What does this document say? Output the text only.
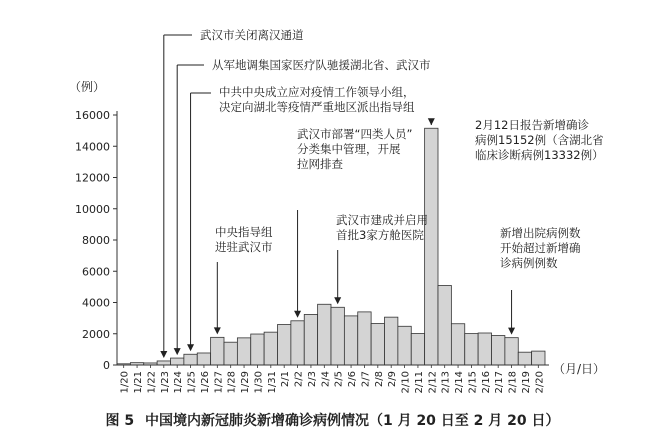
0
2000
4000
6000
8000
10000
12000
14000
16000
（例）
1/20 1/21 1/22 1/23 1/24 1/25 1/26 1/27 1/28 1/29 1/30 1/31 2/1 2/2 2/3 2/4 2/5 2/6 2/7 2/8 2/9 2/10 2/11 2/12 2/13 2/14 2/15 2/16 2/17 2/18 2/19 2/20
（月/日）
武汉市关闭离汉通道
从军地调集国家医疗队驰援湖北省、武汉市
中共中央成立应对疫情工作领导小组，
决定向湖北等疫情严重地区派出指导组
中央指导组
进驻武汉市
武汉市部署“四类人员”
分类集中管理，开展
拉网排查
武汉市建成并启用
首批3家方舱医院
2月12日报告新增确诊
病例15152例（含湖北省
临床诊断病例13332例）
新增出院病例数
开始超过新增确
诊病例例数
图 5 中国境内新冠肺炎新增确诊病例情况（1 月 20 日至 2 月 20 日）
